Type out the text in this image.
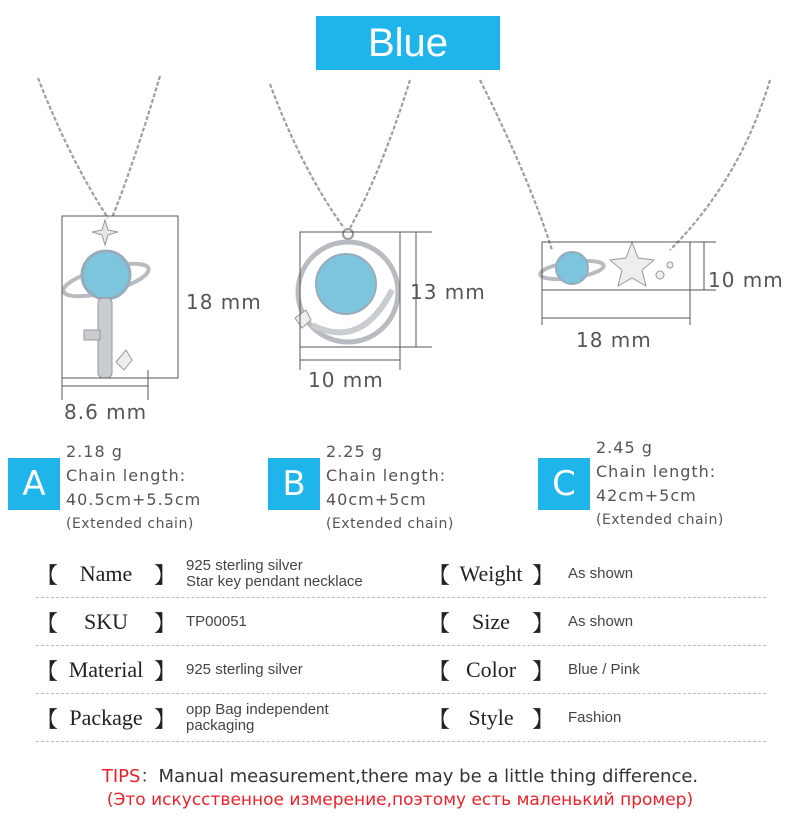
Blue
18 mm
8.6 mm
13 mm
10 mm
10 mm
18 mm
A
2.18 g
Chain length:
40.5cm+5.5cm
(Extended chain)
B
2.25 g
Chain length:
40cm+5cm
(Extended chain)
C
2.45 g
Chain length:
42cm+5cm
(Extended chain)
【 Name 】 925 sterling silver
Star key pendant necklace	【 Weight 】 As shown
【	SKU	】 TP00051	【	Size	】 As shown
【 Material 】 925 sterling silver	【 Color 】 Blue / Pink
【 Package 】 opp Bag independent
packaging	【 Style 】 Fashion
TIPS：Manual measurement,there may be a little thing difference.
(Это искусственное измерение,поэтому есть маленький промер)
